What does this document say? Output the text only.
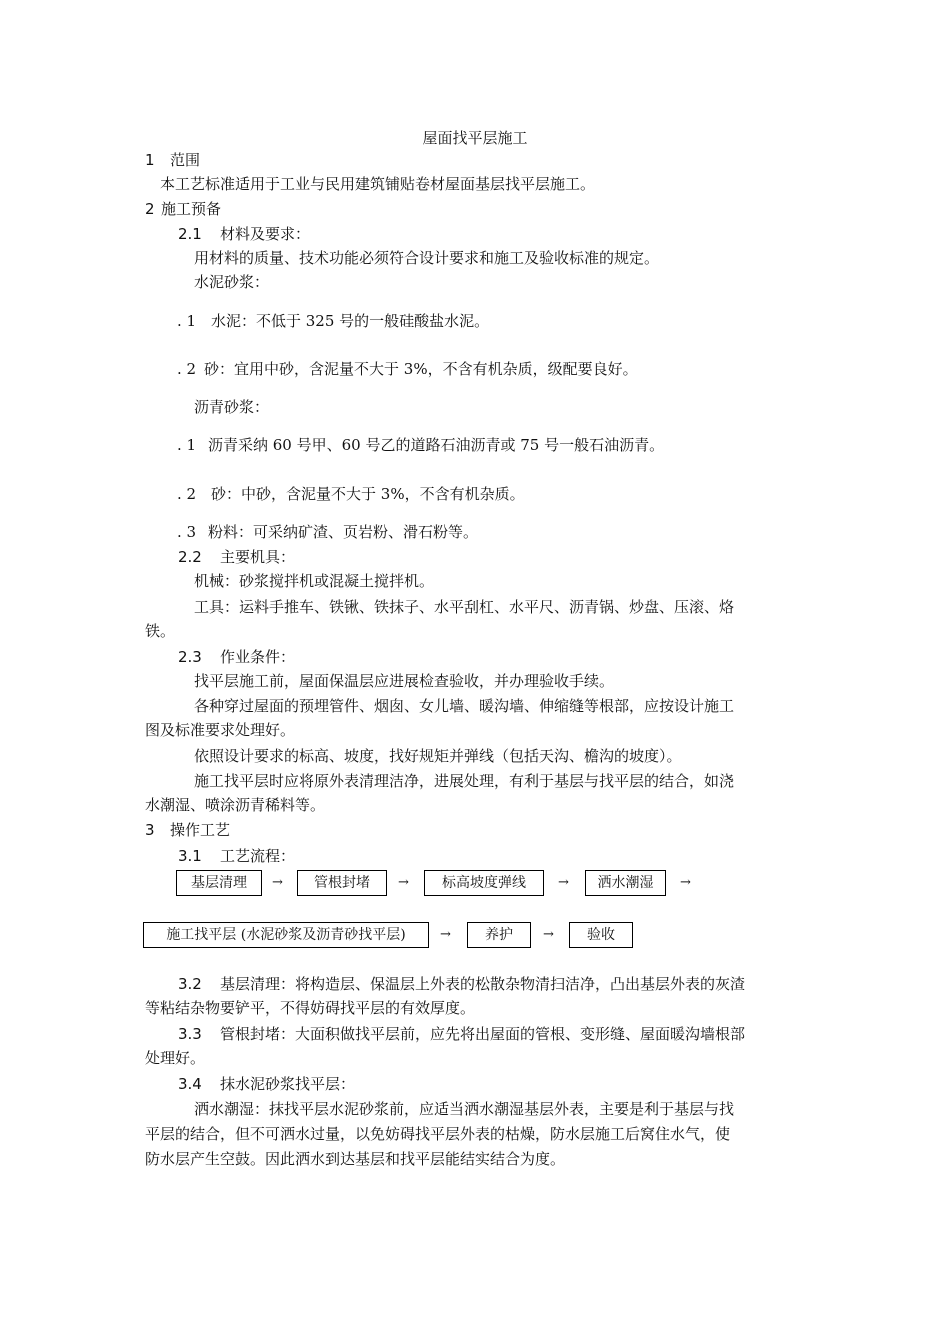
屋面找平层施工
1 范围
本工艺标准适用于工业与民用建筑铺贴卷材屋面基层找平层施工。
2 施工预备
2.1 材料及要求：
用材料的质量、技术功能必须符合设计要求和施工及验收标准的规定。
水泥砂浆：
. 1 水泥：不低于 325 号的一般硅酸盐水泥。
. 2 砂：宜用中砂，含泥量不大于 3%，不含有机杂质，级配要良好。
沥青砂浆：
. 1 沥青采纳 60 号甲、60 号乙的道路石油沥青或 75 号一般石油沥青。
. 2 砂：中砂，含泥量不大于 3%，不含有机杂质。
. 3 粉料：可采纳矿渣、页岩粉、滑石粉等。
2.2 主要机具：
机械：砂浆搅拌机或混凝土搅拌机。
工具：运料手推车、铁锹、铁抹子、水平刮杠、水平尺、沥青锅、炒盘、压滚、烙
铁。
2.3 作业条件：
找平层施工前，屋面保温层应进展检查验收，并办理验收手续。
各种穿过屋面的预埋管件、烟囱、女儿墙、暖沟墙、伸缩缝等根部，应按设计施工
图及标准要求处理好。
依照设计要求的标高、坡度，找好规矩并弹线（包括天沟、檐沟的坡度）。
施工找平层时应将原外表清理洁净，进展处理，有利于基层与找平层的结合，如浇
水潮湿、喷涂沥青稀料等。
3 操作工艺
3.1 工艺流程：
基层清理	→	管根封堵	→	标高坡度弹线	→	洒水潮湿	→
施工找平层 (水泥砂浆及沥青砂找平层)	→	养护	→	验收
3.2 基层清理：将构造层、保温层上外表的松散杂物清扫洁净，凸出基层外表的灰渣
等粘结杂物要铲平，不得妨碍找平层的有效厚度。
3.3 管根封堵：大面积做找平层前，应先将出屋面的管根、变形缝、屋面暖沟墙根部
处理好。
3.4 抹水泥砂浆找平层：
洒水潮湿：抹找平层水泥砂浆前，应适当洒水潮湿基层外表，主要是利于基层与找
平层的结合，但不可洒水过量，以免妨碍找平层外表的枯燥，防水层施工后窝住水气，使
防水层产生空鼓。因此洒水到达基层和找平层能结实结合为度。
